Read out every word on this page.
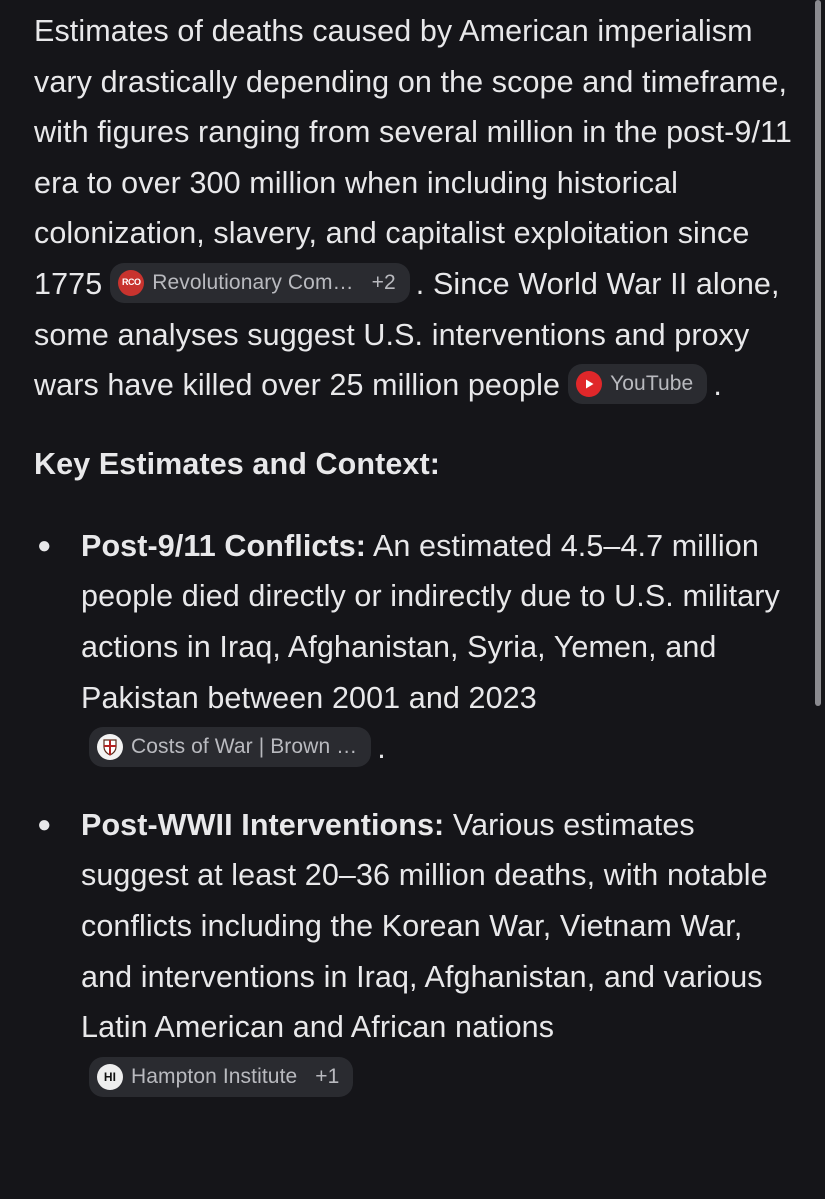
Estimates of deaths caused by American imperialism vary drastically depending on the scope and timeframe, with figures ranging from several million in the post-9/11 era to over 300 million when including historical colonization, slavery, and capitalist exploitation since 1775 RCO Revolutionary Com… +2 . Since World War II alone, some analyses suggest U.S. interventions and proxy wars have killed over 25 million people YouTube .

Key Estimates and Context:
● Post-9/11 Conflicts: An estimated 4.5–4.7 million people died directly or indirectly due to U.S. military actions in Iraq, Afghanistan, Syria, Yemen, and Pakistan between 2001 and 2023
Costs of War | Brown … .
● Post-WWII Interventions: Various estimates suggest at least 20–36 million deaths, with notable conflicts including the Korean War, Vietnam War, and interventions in Iraq, Afghanistan, and various Latin American and African nations
HI Hampton Institute +1
